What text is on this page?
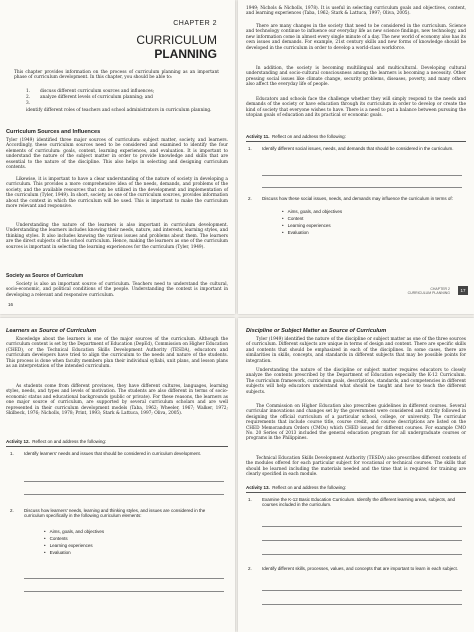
CHAPTER 2
CURRICULUM
PLANNING
This chapter provides information on the process of curriculum planning as an important phase of curriculum development. In this chapter, you should be able to:
1. discuss different curriculum sources and influences;
2. analyze different levels of curriculum planning; and
3.identify different roles of teachers and school administrators in curriculum planning.
Curriculum Sources and Influences
Tyler (1949) identified three major sources of curriculum: subject matter, society, and learners. Accordingly, these curriculum sources need to be considered and examined to identify the four elements of curriculum: goals, content, learning experiences, and evaluation. It is important to understand the nature of the subject matter in order to provide knowledge and skills that are essential to the nature of the discipline. This also helps in selecting and designing curriculum contents.
Likewise, it is important to have a clear understanding of the nature of society in developing a curriculum. This provides a more comprehensive idea of the needs, demands, and problems of the society, and the available resources that can be utilized in the development and implementation of the curriculum (Tyler, 1949). In short, society, as one of the curriculum sources, provides information about the context in which the curriculum will be used. This is important to make the curriculum more relevant and responsive.
Understanding the nature of the learners is also important in curriculum development. Understanding the learners includes knowing their needs, nature, and interests, learning styles, and thinking styles. It also includes knowing the various issues and problems about them. The learners are the direct subjects of the school curriculum. Hence, making the learners as one of the curriculum sources is important in selecting the learning experiences for the curriculum (Tyler, 1949).
Society as Source of Curriculum
Society is also an important source of curriculum. Teachers need to understand the cultural, socio-economic, and political conditions of the people. Understanding the context is important in developing a relevant and responsive curriculum.
16
1949; Nichols & Nicholls, 1978). It is useful in selecting curriculum goals and objectives, content, and learning experiences (Taba, 1962; Stark & Lattuca, 1997; Oliva, 2005).
There are many changes in the society that need to be considered in the curriculum. Science and technology continue to influence our everyday life as new science findings, new technology, and new information come in almost every single minute of a day. The new world of economy also has its own issues and demands. For example, 21st century skills and new forms of knowledge should be developed in the curriculum in order to develop a world-class workforce.
In addition, the society is becoming multilingual and multicultural. Developing cultural understanding and socio-cultural consciousness among the learners is becoming a necessity. Other pressing social issues like climate change, security problems, diseases, poverty, and many others also affect the everyday life of people.
Educators and schools face the challenge whether they will simply respond to the needs and demands of the society or have education through its curriculum in order to develop or create the kind of society that everyone wishes to have. There is a need to put a balance between pursuing the utopian goals of education and its practical or economic goals.
Activity 11. Reflect on and address the following:
1. Identify different social issues, needs, and demands that should be considered in the curriculum.
2. Discuss how these social issues, needs, and demands may influence the curriculum in terms of:
• Aims, goals, and objectives
• Content
• Learning experiences
• Evaluation
CHAPTER 2
CURRICULUM PLANNING	17
Learners as Source of Curriculum
Knowledge about the learners is one of the major sources of the curriculum. Although the curriculum content is set by the Department of Education (DepEd), Commission on Higher Education (CHED), or the Technical Education Skills Development Authority (TESDA), educators and curriculum developers have tried to align the curriculum to the needs and nature of the students. This process is done when faculty members plan their individual syllabi, unit plans, and lesson plans as an interpretation of the intended curriculum.
As students come from different provinces, they have different cultures, languages, learning styles, needs, and types and levels of motivation. The students are also different in terms of socio-economic status and educational backgrounds (public or private). For these reasons, the learners as one major source of curriculum, are supported by several curriculum scholars and are well represented in their curriculum development models (Taba, 1962; Wheeler, 1967; Walker, 1972; Skilbeck, 1976; Nicholls, 1978; Print, 1993; Stark & Lattuca, 1997; Oliva, 2005).
Activity 12. Reflect on and address the following:
1. Identify learners' needs and issues that should be considered in curriculum development.
2. Discuss how learners' needs, learning and thinking styles, and issues are considered in the curriculum specifically in the following curriculum elements:
• Aims, goals, and objectives
• Contents
• Learning experiences
• Evaluation
Discipline or Subject Matter as Source of Curriculum
Tyler (1949) identified the nature of the discipline or subject matter as one of the three sources of curriculum. Different subjects are unique in terms of design and content. There are specific skills and contents that should be emphasized in each of the disciplines. In some cases, there are similarities in skills, concepts, and standards in different subjects that may be possible points for integration.
Understanding the nature of the discipline or subject matter requires educators to closely analyze the contents prescribed by the Department of Education especially the K-12 Curriculum. The curriculum framework, curriculum goals, descriptions, standards, and competencies in different subjects will help educators understand what should be taught and how to teach the different subjects.
The Commission on Higher Education also prescribes guidelines in different courses. Several curricular innovations and changes set by the government were considered and strictly followed in designing the official curriculum of a particular school, college, or university. The curricular requirements that include course title, course credit, and course descriptions are listed on the CHED Memorandum Orders (CMOs) which CHED issued for different courses. For example CMO No. 20 Series of 2013 included the general education program for all undergraduate courses or programs in the Philippines.
Technical Education Skills Development Authority (TESDA) also prescribes different contents of the modules offered for each particular subject for vocational or technical courses. The skills that should be learned including the materials needed and the time that is required for training are clearly specified in each module.
Activity 13. Reflect on and address the following:
1. Examine the K-12 Basic Education Curriculum. Identify the different learning areas, subjects, and courses included in the curriculum.
2. Identify different skills, processes, values, and concepts that are important to learn in each subject.
